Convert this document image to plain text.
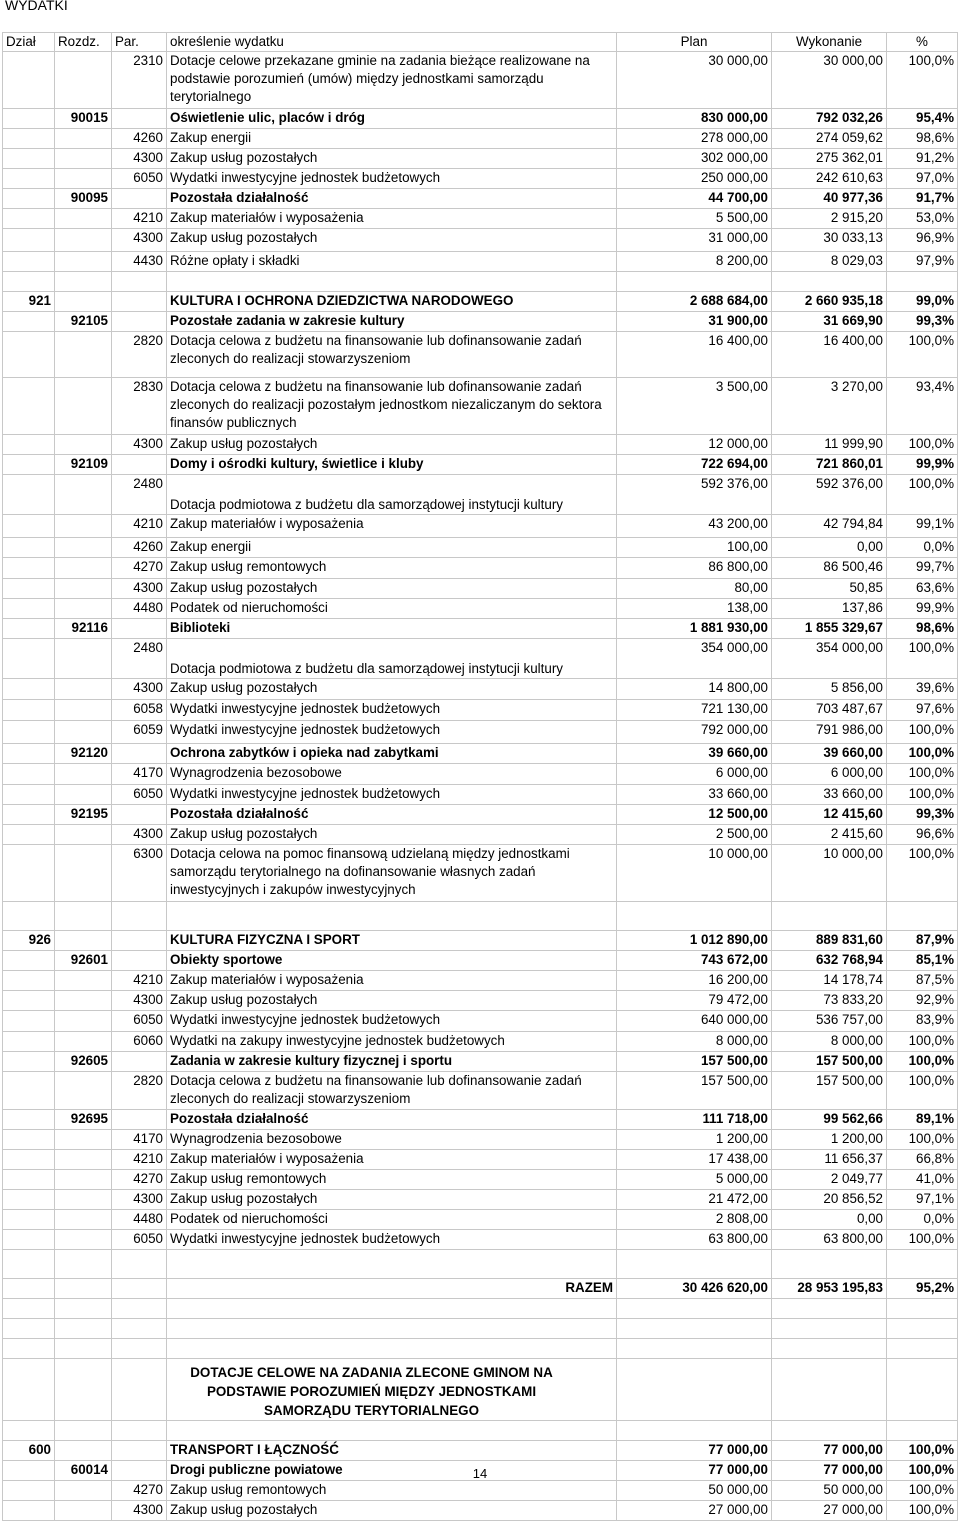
WYDATKI
Dział	Rozdz.	Par.	określenie wydatku	Plan	Wykonanie	%
		2310	Dotacje celowe przekazane gminie na zadania bieżące realizowane na podstawie porozumień (umów) między jednostkami samorządu terytorialnego	30 000,00	30 000,00	100,0%
	90015		Oświetlenie ulic, placów i dróg	830 000,00	792 032,26	95,4%
		4260	Zakup energii	278 000,00	274 059,62	98,6%
		4300	Zakup usług pozostałych	302 000,00	275 362,01	91,2%
		6050	Wydatki inwestycyjne jednostek budżetowych	250 000,00	242 610,63	97,0%
	90095		Pozostała działalność	44 700,00	40 977,36	91,7%
		4210	Zakup materiałów i wyposażenia	5 500,00	2 915,20	53,0%
		4300	Zakup usług pozostałych	31 000,00	30 033,13	96,9%
		4430	Różne opłaty i składki	8 200,00	8 029,03	97,9%

921			KULTURA I OCHRONA DZIEDZICTWA NARODOWEGO	2 688 684,00	2 660 935,18	99,0%
	92105		Pozostałe zadania w zakresie kultury	31 900,00	31 669,90	99,3%
		2820	Dotacja celowa z budżetu na finansowanie lub dofinansowanie zadań zleconych do realizacji stowarzyszeniom	16 400,00	16 400,00	100,0%
		2830	Dotacja celowa z budżetu na finansowanie lub dofinansowanie zadań zleconych do realizacji pozostałym jednostkom niezaliczanym do sektora finansów publicznych	3 500,00	3 270,00	93,4%
		4300	Zakup usług pozostałych	12 000,00	11 999,90	100,0%
	92109		Domy i ośrodki kultury, świetlice i kluby	722 694,00	721 860,01	99,9%
		2480	Dotacja podmiotowa z budżetu dla samorządowej instytucji kultury	592 376,00	592 376,00	100,0%
		4210	Zakup materiałów i wyposażenia	43 200,00	42 794,84	99,1%
		4260	Zakup energii	100,00	0,00	0,0%
		4270	Zakup usług remontowych	86 800,00	86 500,46	99,7%
		4300	Zakup usług pozostałych	80,00	50,85	63,6%
		4480	Podatek od nieruchomości	138,00	137,86	99,9%
	92116		Biblioteki	1 881 930,00	1 855 329,67	98,6%
		2480	Dotacja podmiotowa z budżetu dla samorządowej instytucji kultury	354 000,00	354 000,00	100,0%
		4300	Zakup usług pozostałych	14 800,00	5 856,00	39,6%
		6058	Wydatki inwestycyjne jednostek budżetowych	721 130,00	703 487,67	97,6%
		6059	Wydatki inwestycyjne jednostek budżetowych	792 000,00	791 986,00	100,0%
	92120		Ochrona zabytków i opieka nad zabytkami	39 660,00	39 660,00	100,0%
		4170	Wynagrodzenia bezosobowe	6 000,00	6 000,00	100,0%
		6050	Wydatki inwestycyjne jednostek budżetowych	33 660,00	33 660,00	100,0%
	92195		Pozostała działalność	12 500,00	12 415,60	99,3%
		4300	Zakup usług pozostałych	2 500,00	2 415,60	96,6%
		6300	Dotacja celowa na pomoc finansową udzielaną między jednostkami samorządu terytorialnego na dofinansowanie własnych zadań inwestycyjnych i zakupów inwestycyjnych	10 000,00	10 000,00	100,0%

926			KULTURA FIZYCZNA I SPORT	1 012 890,00	889 831,60	87,9%
	92601		Obiekty sportowe	743 672,00	632 768,94	85,1%
		4210	Zakup materiałów i wyposażenia	16 200,00	14 178,74	87,5%
		4300	Zakup usług pozostałych	79 472,00	73 833,20	92,9%
		6050	Wydatki inwestycyjne jednostek budżetowych	640 000,00	536 757,00	83,9%
		6060	Wydatki na zakupy inwestycyjne jednostek budżetowych	8 000,00	8 000,00	100,0%
	92605		Zadania w zakresie kultury fizycznej i sportu	157 500,00	157 500,00	100,0%
		2820	Dotacja celowa z budżetu na finansowanie lub dofinansowanie zadań zleconych do realizacji stowarzyszeniom	157 500,00	157 500,00	100,0%
	92695		Pozostała działalność	111 718,00	99 562,66	89,1%
		4170	Wynagrodzenia bezosobowe	1 200,00	1 200,00	100,0%
		4210	Zakup materiałów i wyposażenia	17 438,00	11 656,37	66,8%
		4270	Zakup usług remontowych	5 000,00	2 049,77	41,0%
		4300	Zakup usług pozostałych	21 472,00	20 856,52	97,1%
		4480	Podatek od nieruchomości	2 808,00	0,00	0,0%
		6050	Wydatki inwestycyjne jednostek budżetowych	63 800,00	63 800,00	100,0%

			RAZEM	30 426 620,00	28 953 195,83	95,2%

			DOTACJE CELOWE NA ZADANIA ZLECONE GMINOM NA PODSTAWIE POROZUMIEŃ MIĘDZY JEDNOSTKAMI SAMORZĄDU TERYTORIALNEGO			

600			TRANSPORT I ŁĄCZNOŚĆ	77 000,00	77 000,00	100,0%
	60014		Drogi publiczne powiatowe	77 000,00	77 000,00	100,0%
		4270	Zakup usług remontowych	50 000,00	50 000,00	100,0%
		4300	Zakup usług pozostałych	27 000,00	27 000,00	100,0%
14
